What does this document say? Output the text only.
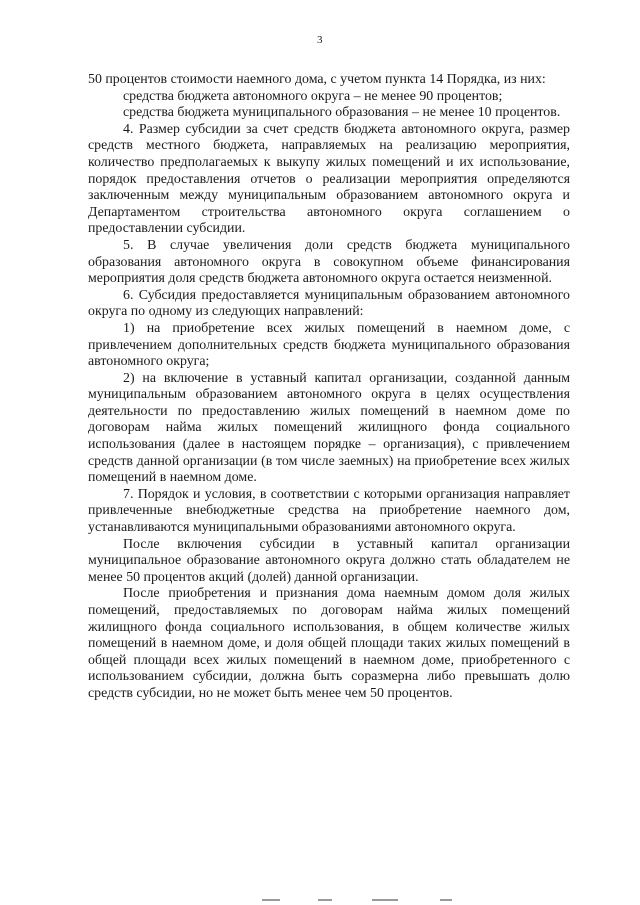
3

50 процентов стоимости наемного дома, с учетом пункта 14 Порядка, из них:

средства бюджета автономного округа – не менее 90 процентов;

средства бюджета муниципального образования – не менее 10 процентов.

4. Размер субсидии за счет средств бюджета автономного округа, размер средств местного бюджета, направляемых на реализацию мероприятия, количество предполагаемых к выкупу жилых помещений и их использование, порядок предоставления отчетов о реализации мероприятия определяются заключенным между муниципальным образованием автономного округа и Департаментом строительства автономного округа соглашением о предоставлении субсидии.

5. В случае увеличения доли средств бюджета муниципального образования автономного округа в совокупном объеме финансирования мероприятия доля средств бюджета автономного округа остается неизменной.

6. Субсидия предоставляется муниципальным образованием автономного округа по одному из следующих направлений:

1) на приобретение всех жилых помещений в наемном доме, с привлечением дополнительных средств бюджета муниципального образования автономного округа;

2) на включение в уставный капитал организации, созданной данным муниципальным образованием автономного округа в целях осуществления деятельности по предоставлению жилых помещений в наемном доме по договорам найма жилых помещений жилищного фонда социального использования (далее в настоящем порядке – организация), с привлечением средств данной организации (в том числе заемных) на приобретение всех жилых помещений в наемном доме.

7. Порядок и условия, в соответствии с которыми организация направляет привлеченные внебюджетные средства на приобретение наемного дом, устанавливаются муниципальными образованиями автономного округа.

После включения субсидии в уставный капитал организации муниципальное образование автономного округа должно стать обладателем не менее 50 процентов акций (долей) данной организации.

После приобретения и признания дома наемным домом доля жилых помещений, предоставляемых по договорам найма жилых помещений жилищного фонда социального использования, в общем количестве жилых помещений в наемном доме, и доля общей площади таких жилых помещений в общей площади всех жилых помещений в наемном доме, приобретенного с использованием субсидии, должна быть соразмерна либо превышать долю средств субсидии, но не может быть менее чем 50 процентов.
